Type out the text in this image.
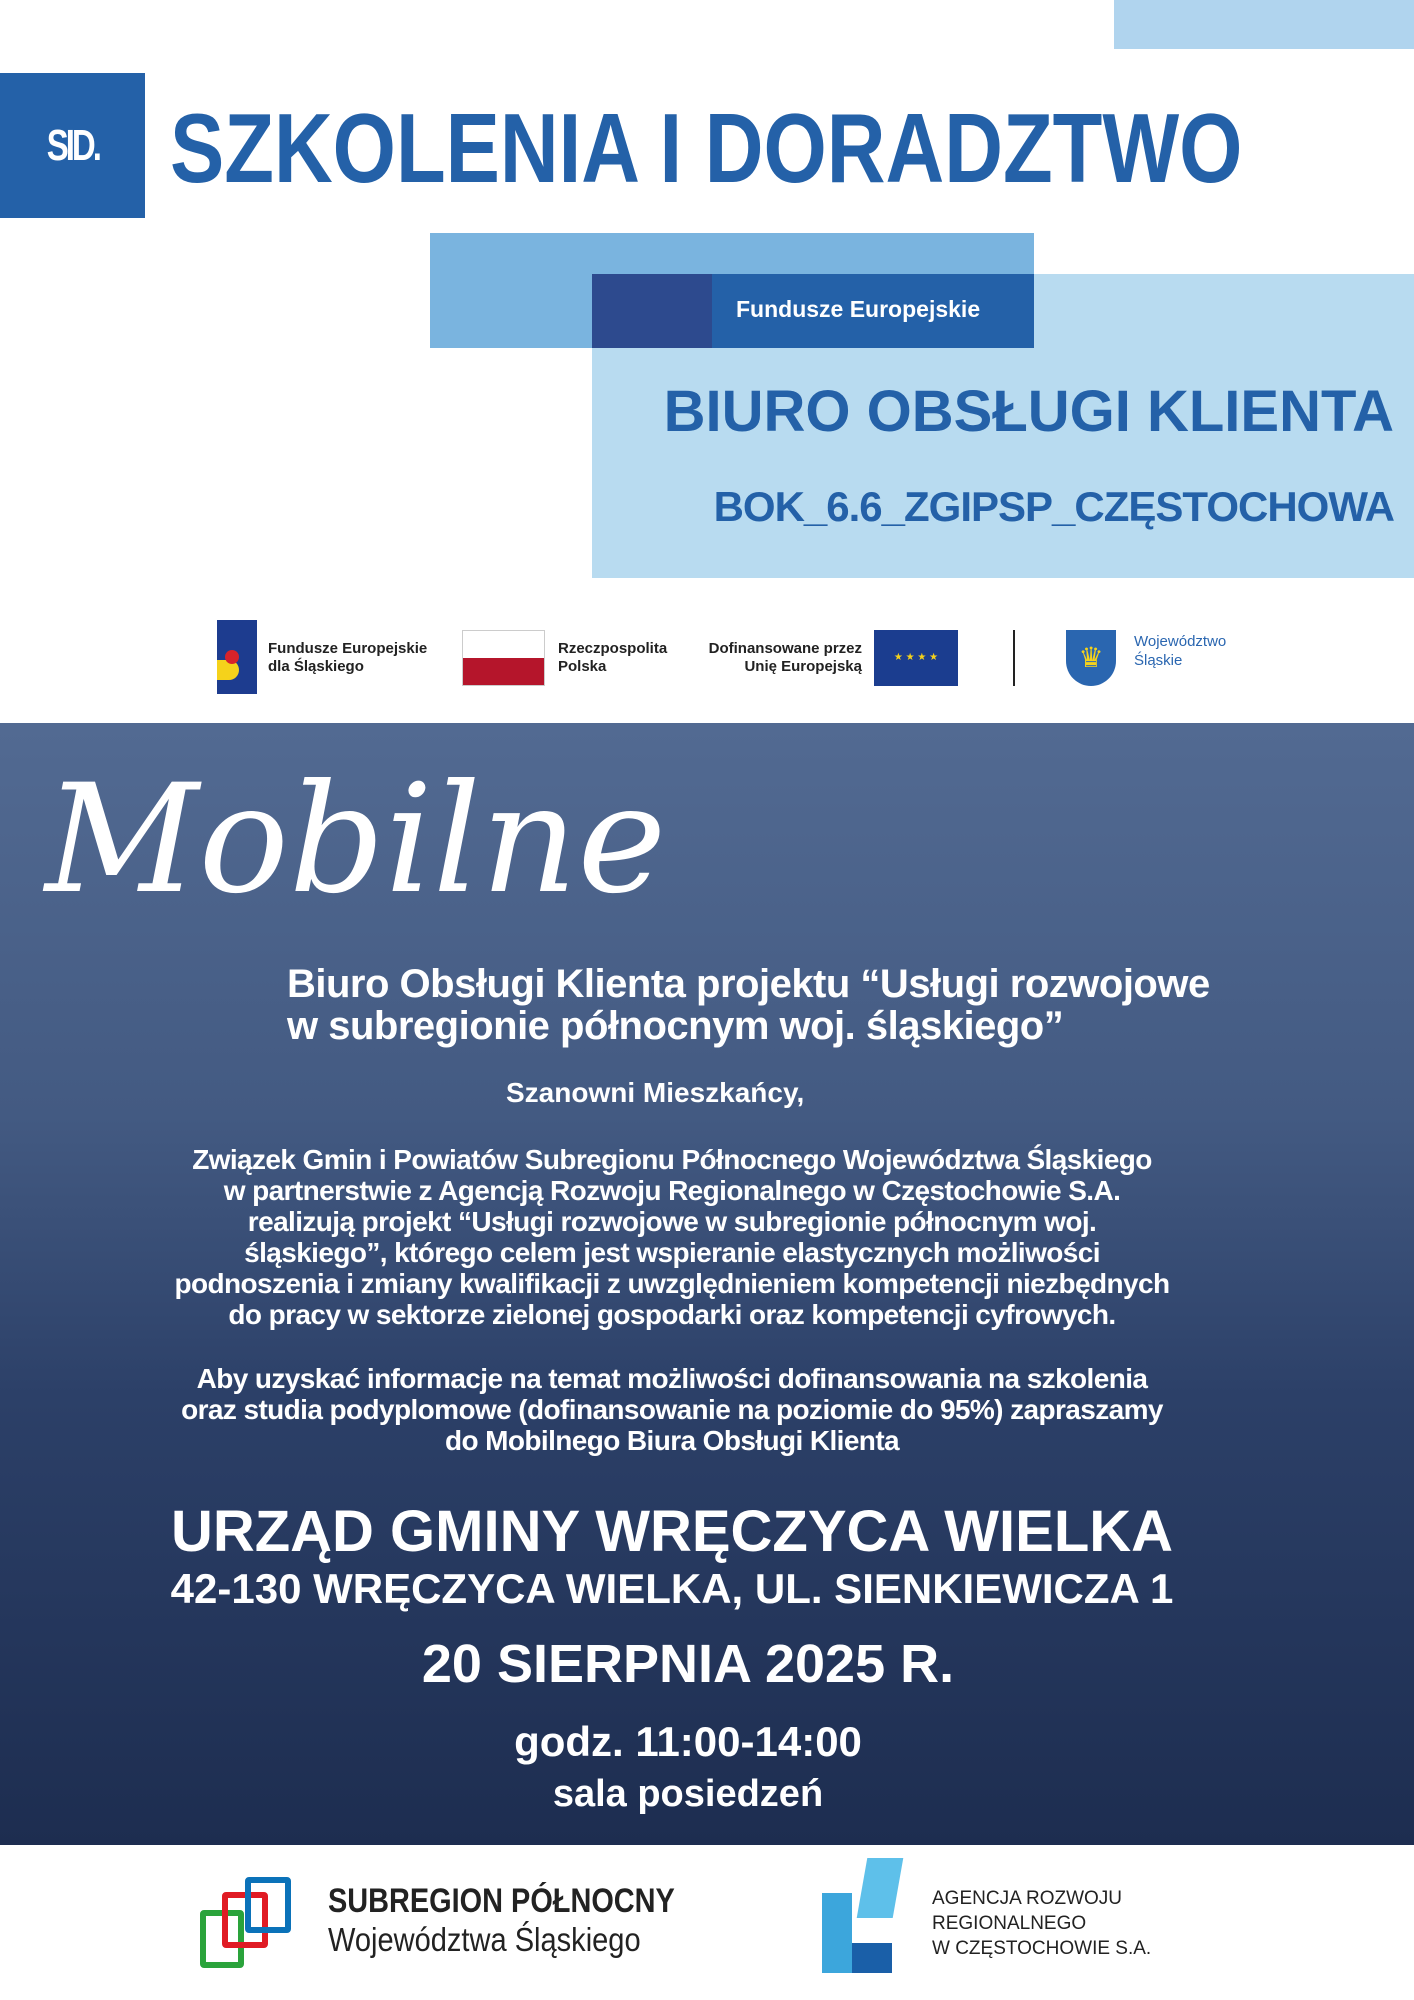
SID. SZKOLENIA I DORADZTWO
Fundusze Europejskie
BIURO OBSŁUGI KLIENTA
BOK_6.6_ZGIPSP_CZĘSTOCHOWA
Fundusze Europejskie
dla Śląskiego
Rzeczpospolita
Polska
Dofinansowane przez
Unię Europejską
★ ★ ★ ★	♛
Województwo
Śląskie
Mobilne
Biuro Obsługi Klienta projektu “Usługi rozwojowe
w subregionie północnym woj. śląskiego”
Szanowni Mieszkańcy,
Związek Gmin i Powiatów Subregionu Północnego Województwa Śląskiego
w partnerstwie z Agencją Rozwoju Regionalnego w Częstochowie S.A.
realizują projekt “Usługi rozwojowe w subregionie północnym woj.
śląskiego”, którego celem jest wspieranie elastycznych możliwości
podnoszenia i zmiany kwalifikacji z uwzględnieniem kompetencji niezbędnych
do pracy w sektorze zielonej gospodarki oraz kompetencji cyfrowych.
Aby uzyskać informacje na temat możliwości dofinansowania na szkolenia
oraz studia podyplomowe (dofinansowanie na poziomie do 95%) zapraszamy
do Mobilnego Biura Obsługi Klienta
URZĄD GMINY WRĘCZYCA WIELKA
42-130 WRĘCZYCA WIELKA, UL. SIENKIEWICZA 1
20 SIERPNIA 2025 R.
godz. 11:00-14:00
sala posiedzeń
SUBREGION PÓŁNOCNY
Województwa Śląskiego
AGENCJA ROZWOJU
REGIONALNEGO
W CZĘSTOCHOWIE S.A.
